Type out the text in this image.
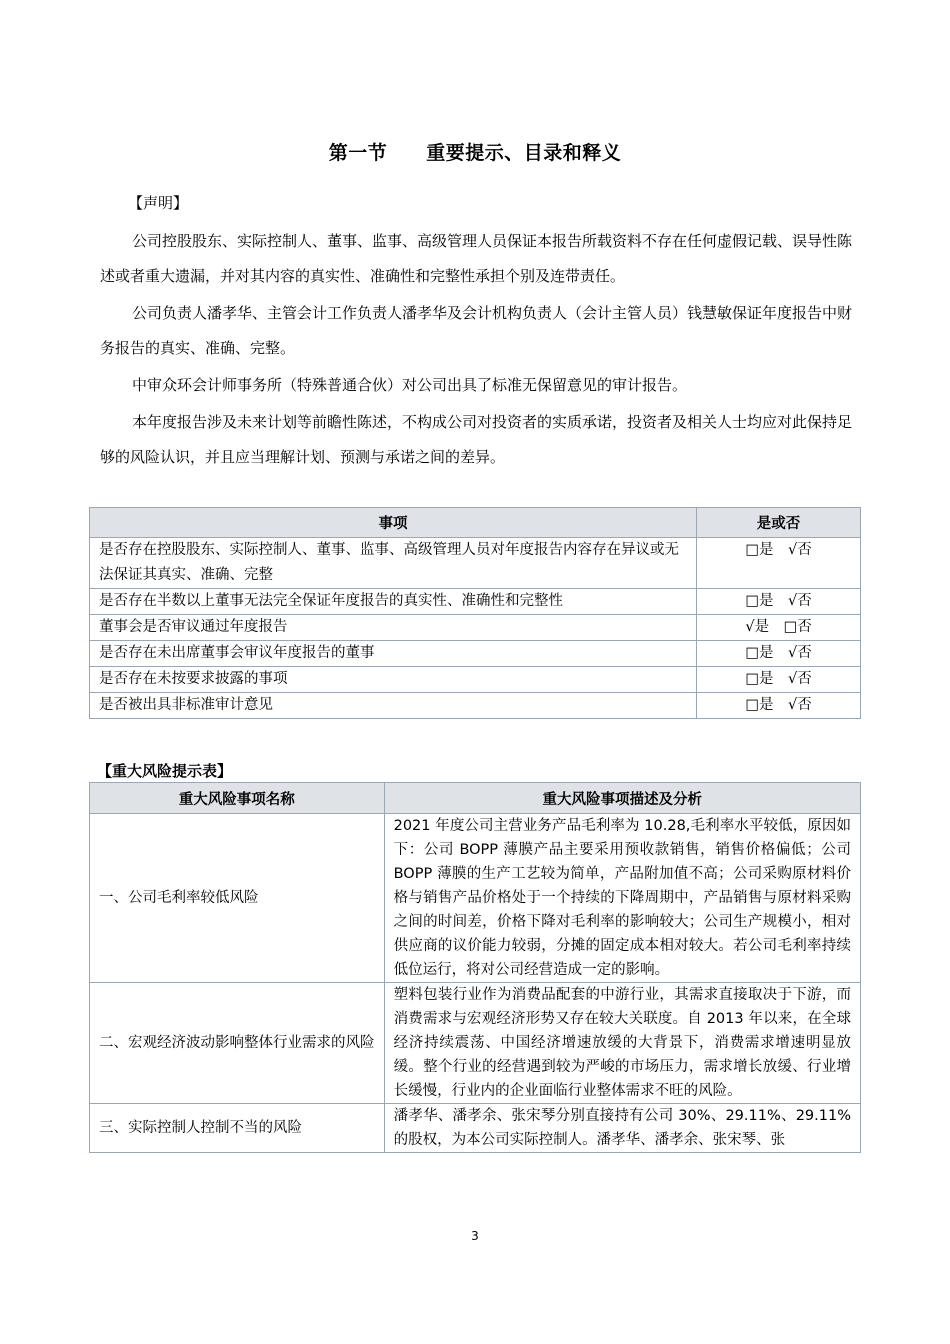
第一节　　重要提示、目录和释义
【声明】
公司控股股东、实际控制人、董事、监事、高级管理人员保证本报告所载资料不存在任何虚假记载、误导性陈述或者重大遗漏，并对其内容的真实性、准确性和完整性承担个别及连带责任。
公司负责人潘孝华、主管会计工作负责人潘孝华及会计机构负责人（会计主管人员）钱慧敏保证年度报告中财务报告的真实、准确、完整。
中审众环会计师事务所（特殊普通合伙）对公司出具了标准无保留意见的审计报告。
本年度报告涉及未来计划等前瞻性陈述，不构成公司对投资者的实质承诺，投资者及相关人士均应对此保持足够的风险认识，并且应当理解计划、预测与承诺之间的差异。
事项	是或否
是否存在控股股东、实际控制人、董事、监事、高级管理人员对年度报告内容存在异议或无法保证其真实、准确、完整	□是　√否
是否存在半数以上董事无法完全保证年度报告的真实性、准确性和完整性	□是　√否
董事会是否审议通过年度报告	√是　□否
是否存在未出席董事会审议年度报告的董事	□是　√否
是否存在未按要求披露的事项	□是　√否
是否被出具非标准审计意见	□是　√否
【重大风险提示表】
重大风险事项名称	重大风险事项描述及分析
一、公司毛利率较低风险	2021 年度公司主营业务产品毛利率为 10.28,毛利率水平较低，原因如下：公司 BOPP 薄膜产品主要采用预收款销售，销售价格偏低；公司 BOPP 薄膜的生产工艺较为简单，产品附加值不高；公司采购原材料价格与销售产品价格处于一个持续的下降周期中，产品销售与原材料采购之间的时间差，价格下降对毛利率的影响较大；公司生产规模小，相对供应商的议价能力较弱，分摊的固定成本相对较大。若公司毛利率持续低位运行，将对公司经营造成一定的影响。
二、宏观经济波动影响整体行业需求的风险	塑料包装行业作为消费品配套的中游行业，其需求直接取决于下游，而消费需求与宏观经济形势又存在较大关联度。自 2013 年以来，在全球经济持续震荡、中国经济增速放缓的大背景下，消费需求增速明显放缓。整个行业的经营遇到较为严峻的市场压力，需求增长放缓、行业增长缓慢，行业内的企业面临行业整体需求不旺的风险。
三、实际控制人控制不当的风险	潘孝华、潘孝余、张宋琴分别直接持有公司 30%、29.11%、29.11%的股权，为本公司实际控制人。潘孝华、潘孝余、张宋琴、张
3
